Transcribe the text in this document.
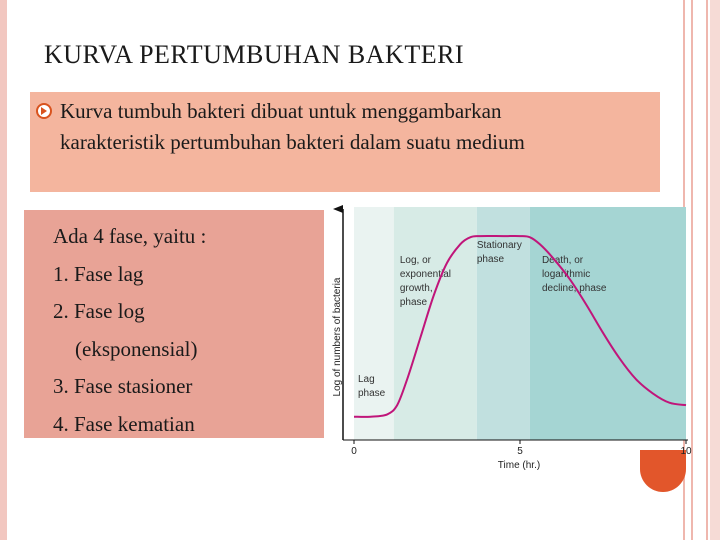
KURVA PERTUMBUHAN BAKTERI
Kurva tumbuh bakteri dibuat untuk menggambarkan
karakteristik pertumbuhan bakteri dalam suatu medium
Ada 4 fase, yaitu :
1. Fase lag
2. Fase log
(eksponensial)
3. Fase stasioner
4. Fase kematian
Lag phase
Log, or exponential growth, phase
Stationary phase	Death, or logarithmic decline, phase
0	5	10
Log of numbers of bacteria
Time (hr.)
